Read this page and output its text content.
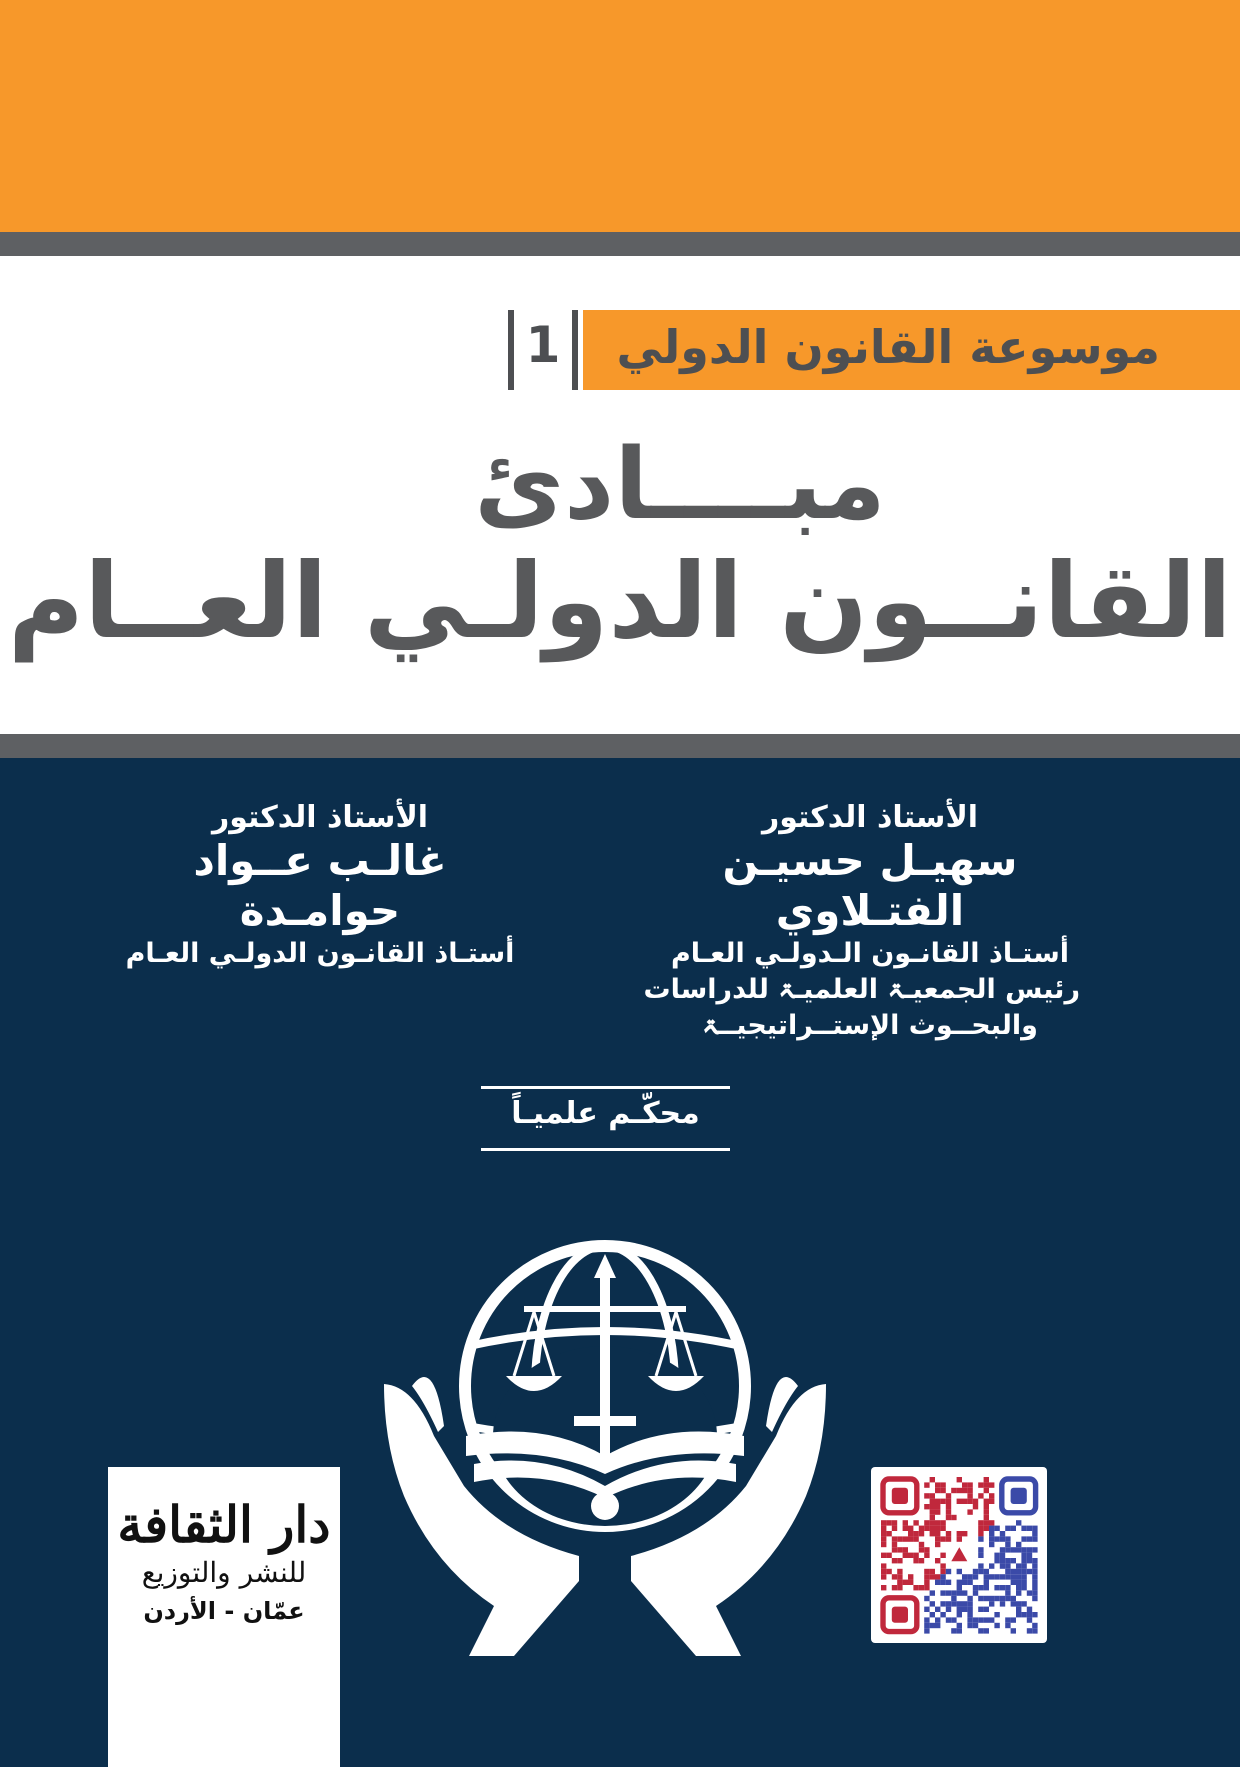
موسوعة القانون الدولي
1
مبــــادئ
القانــون الدولـي العــام
الأستاذ الدكتور
سهيـل حسيـن الفتـلاوي
أستـاذ القانـون الـدولـي العـام
رئيس الجمعيـۃ العلميـۃ للدراسات
والبحــوث الإستــراتيجيــۃ
الأستاذ الدكتور
غالـب عــواد حوامـدة
أستـاذ القانـون الدولـي العـام
محكّـم علميـاً
دار الثقافة
للنشر والتوزيع
عمّان - الأردن
